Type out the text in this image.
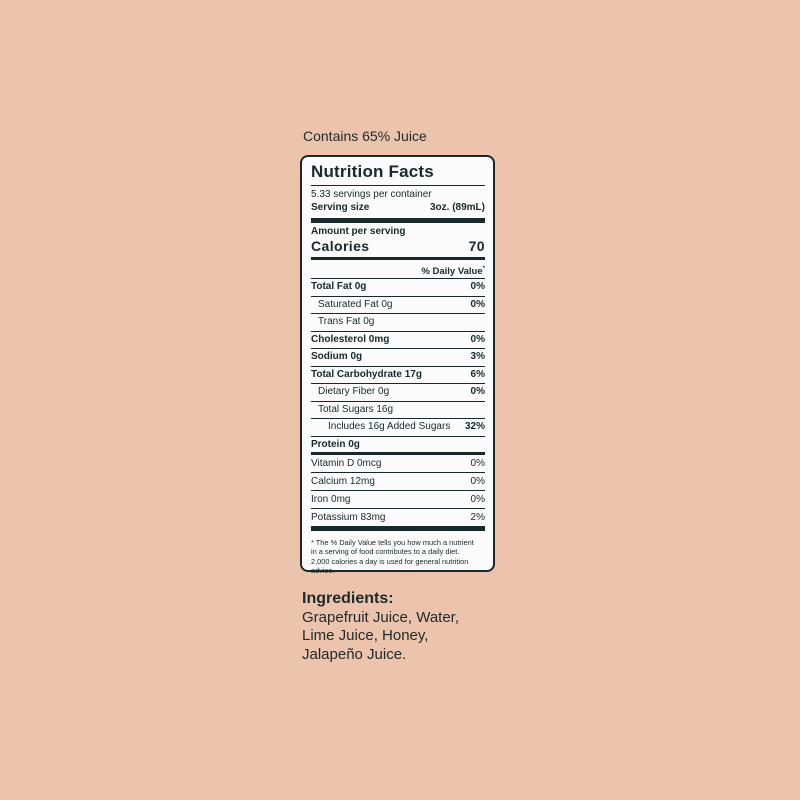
Contains 65% Juice
Nutrition Facts
5.33 servings per container
Serving size	3oz. (89mL)
Amount per serving
Calories	70
% Daily Value*
Total Fat 0g	0%
Saturated Fat 0g	0%
Trans Fat 0g
Cholesterol 0mg	0%
Sodium 0g	3%
Total Carbohydrate 17g	6%
Dietary Fiber 0g	0%
Total Sugars 16g
Includes 16g Added Sugars 32%
Protein 0g
Vitamin D 0mcg	0%
Calcium 12mg	0%
Iron 0mg	0%
Potassium 83mg	2%
* The % Daily Value tells you how much a nutrient in a serving of food contributes to a daily diet. 2,000 calories a day is used for general nutrition advice.
Ingredients:
Grapefruit Juice, Water,
Lime Juice, Honey,
Jalapeño Juice.
